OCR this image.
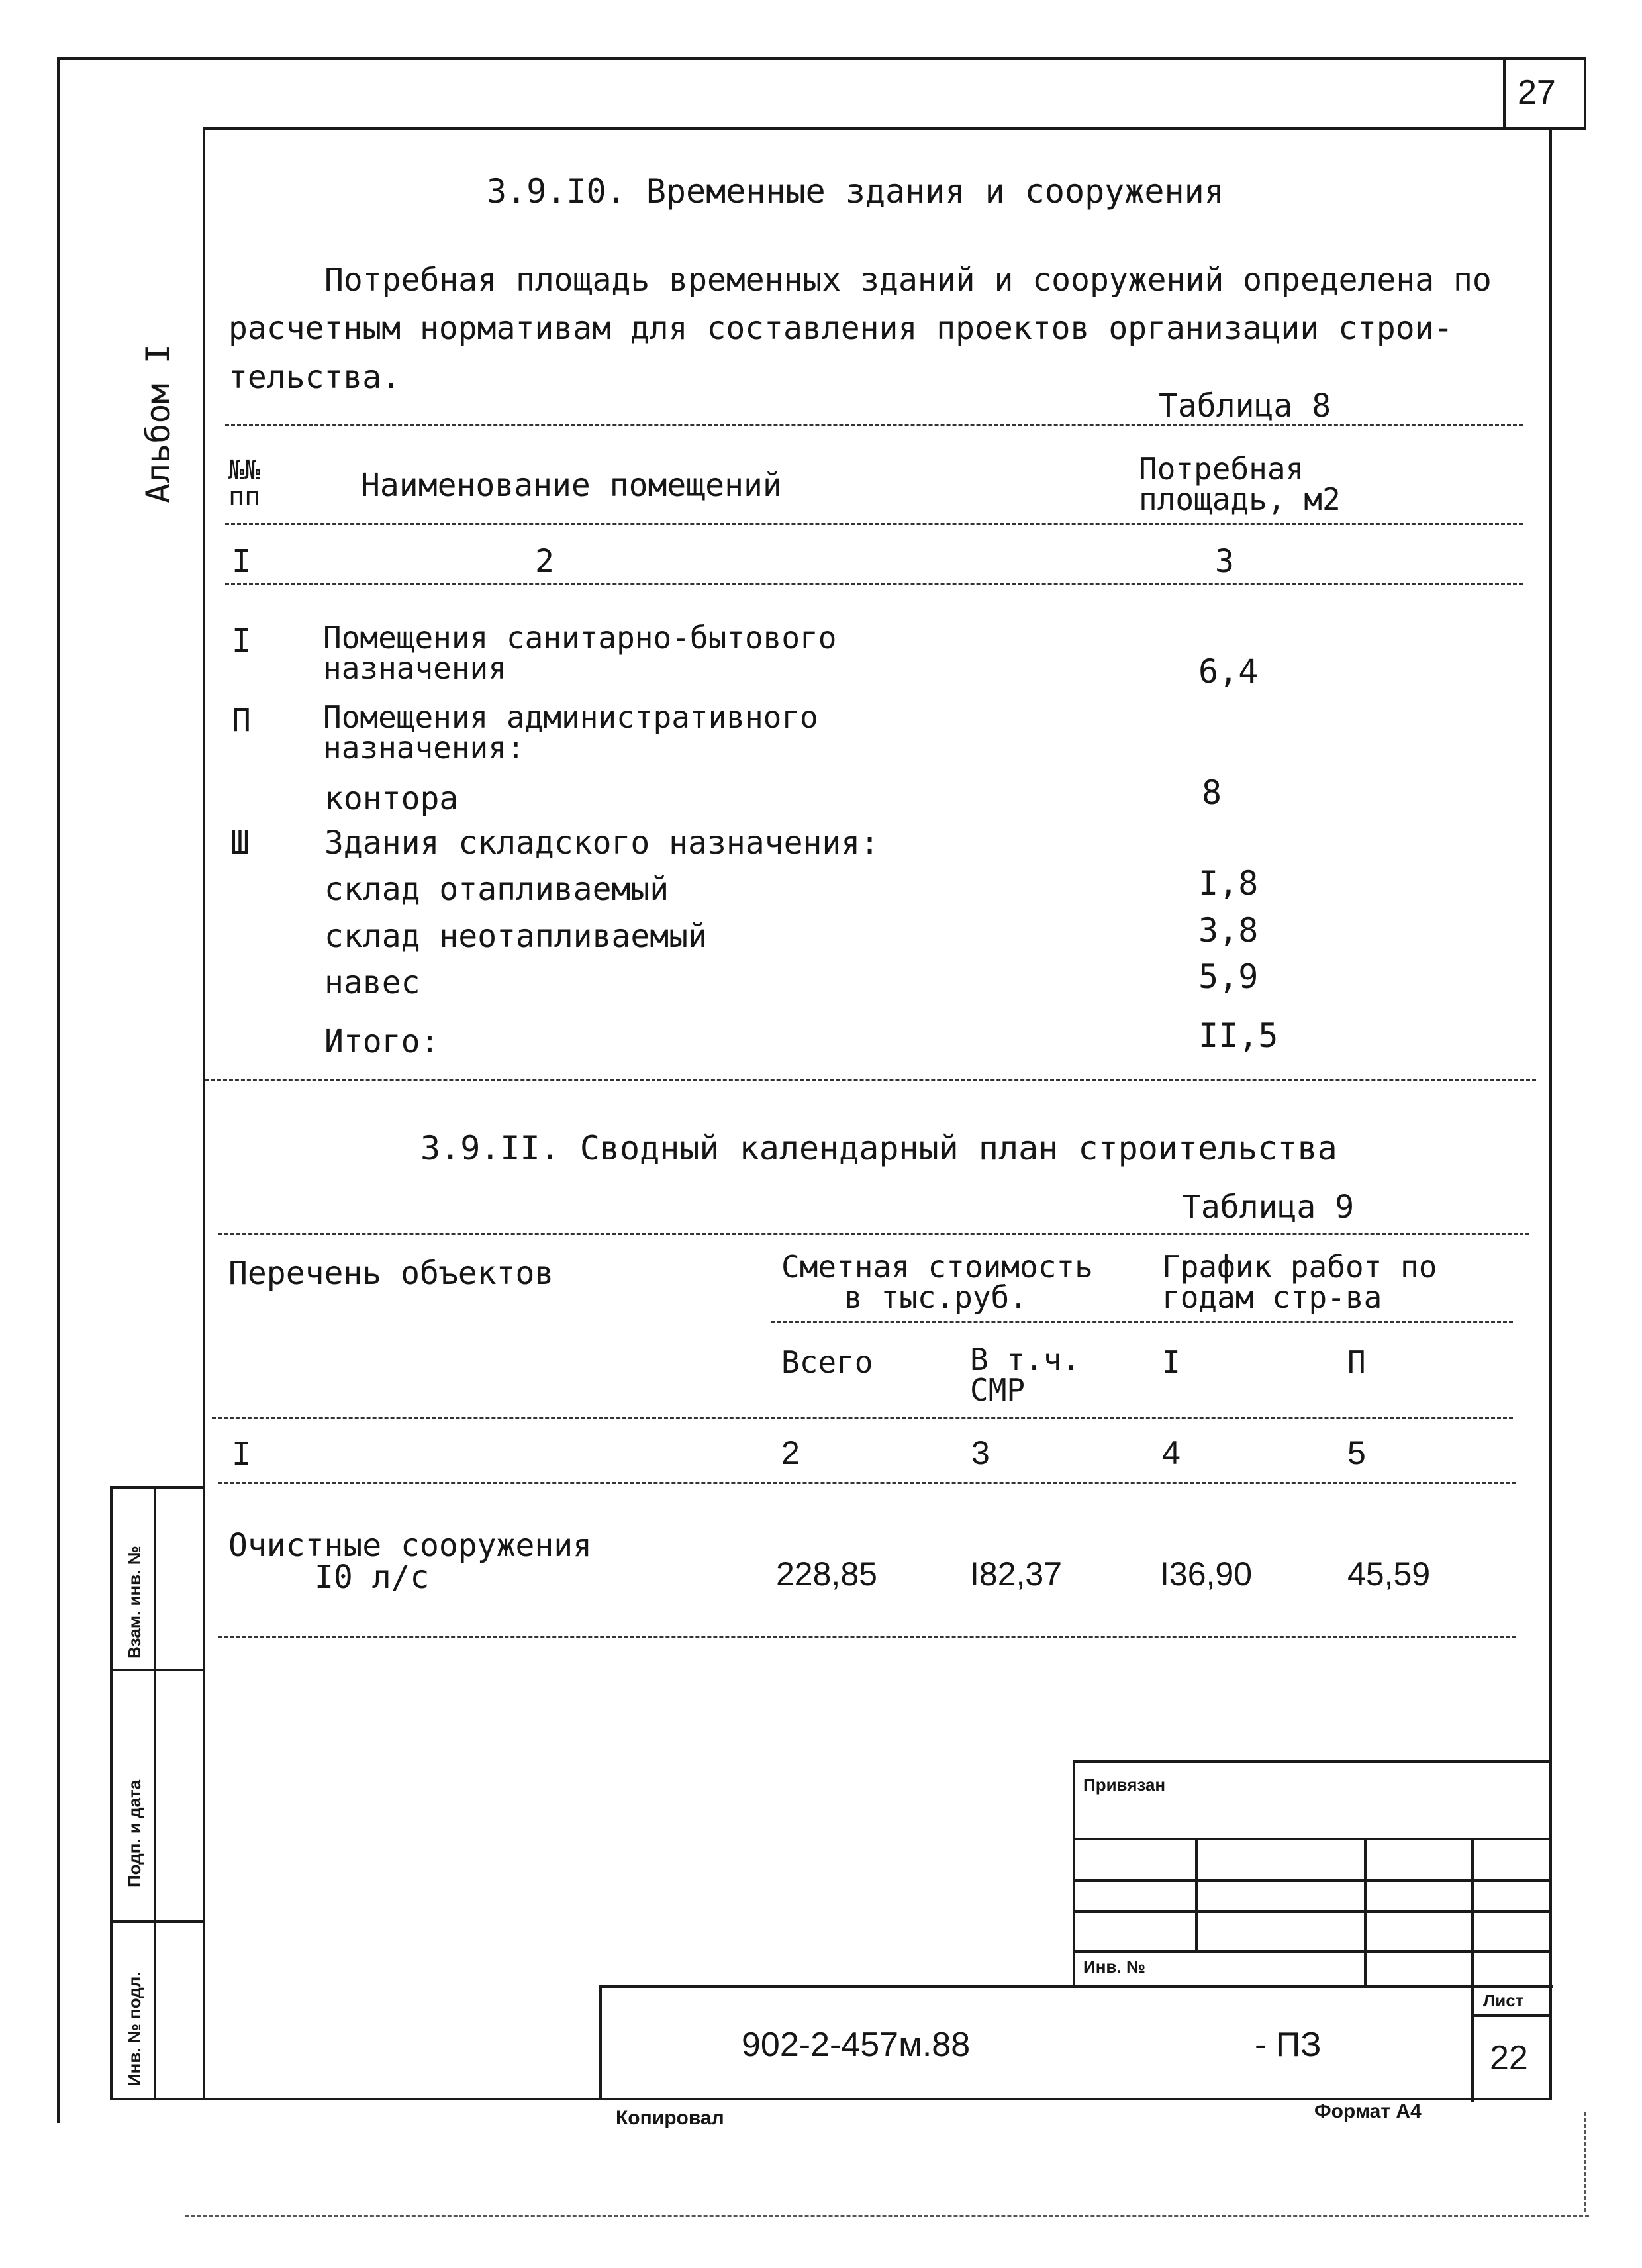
27
Альбом I
3.9.I0. Временные здания и сооружения
Потребная площадь временных зданий и сооружений определена по
расчетным нормативам для составления проектов организации строи-
тельства.
Таблица 8
№№
пп	Наименование помещений	Потребная
площадь, м2
I	2	3
I Помещения санитарно-бытового
назначения	6,4
П Помещения административного
назначения:
контора	8
Ш Здания складского назначения:
склад отапливаемый	I,8
склад неотапливаемый	3,8
навес	5,9
Итого:	II,5
3.9.II. Сводный календарный план строительства
Таблица 9
Перечень объектов	Сметная стоимость
в тыс.руб.
График работ по
годам стр-ва
Всего	В т.ч.
СМР
I	П
I	2	3	4	5
Очистные сооружения
I0 л/с	228,85	I82,37	I36,90	45,59
Взам. инв. №
Подп. и дата
Инв. № подл.
Привязан
Инв. №
902-2-457м.88	- ПЗ
Лист
22
Копировал	Формат А4
